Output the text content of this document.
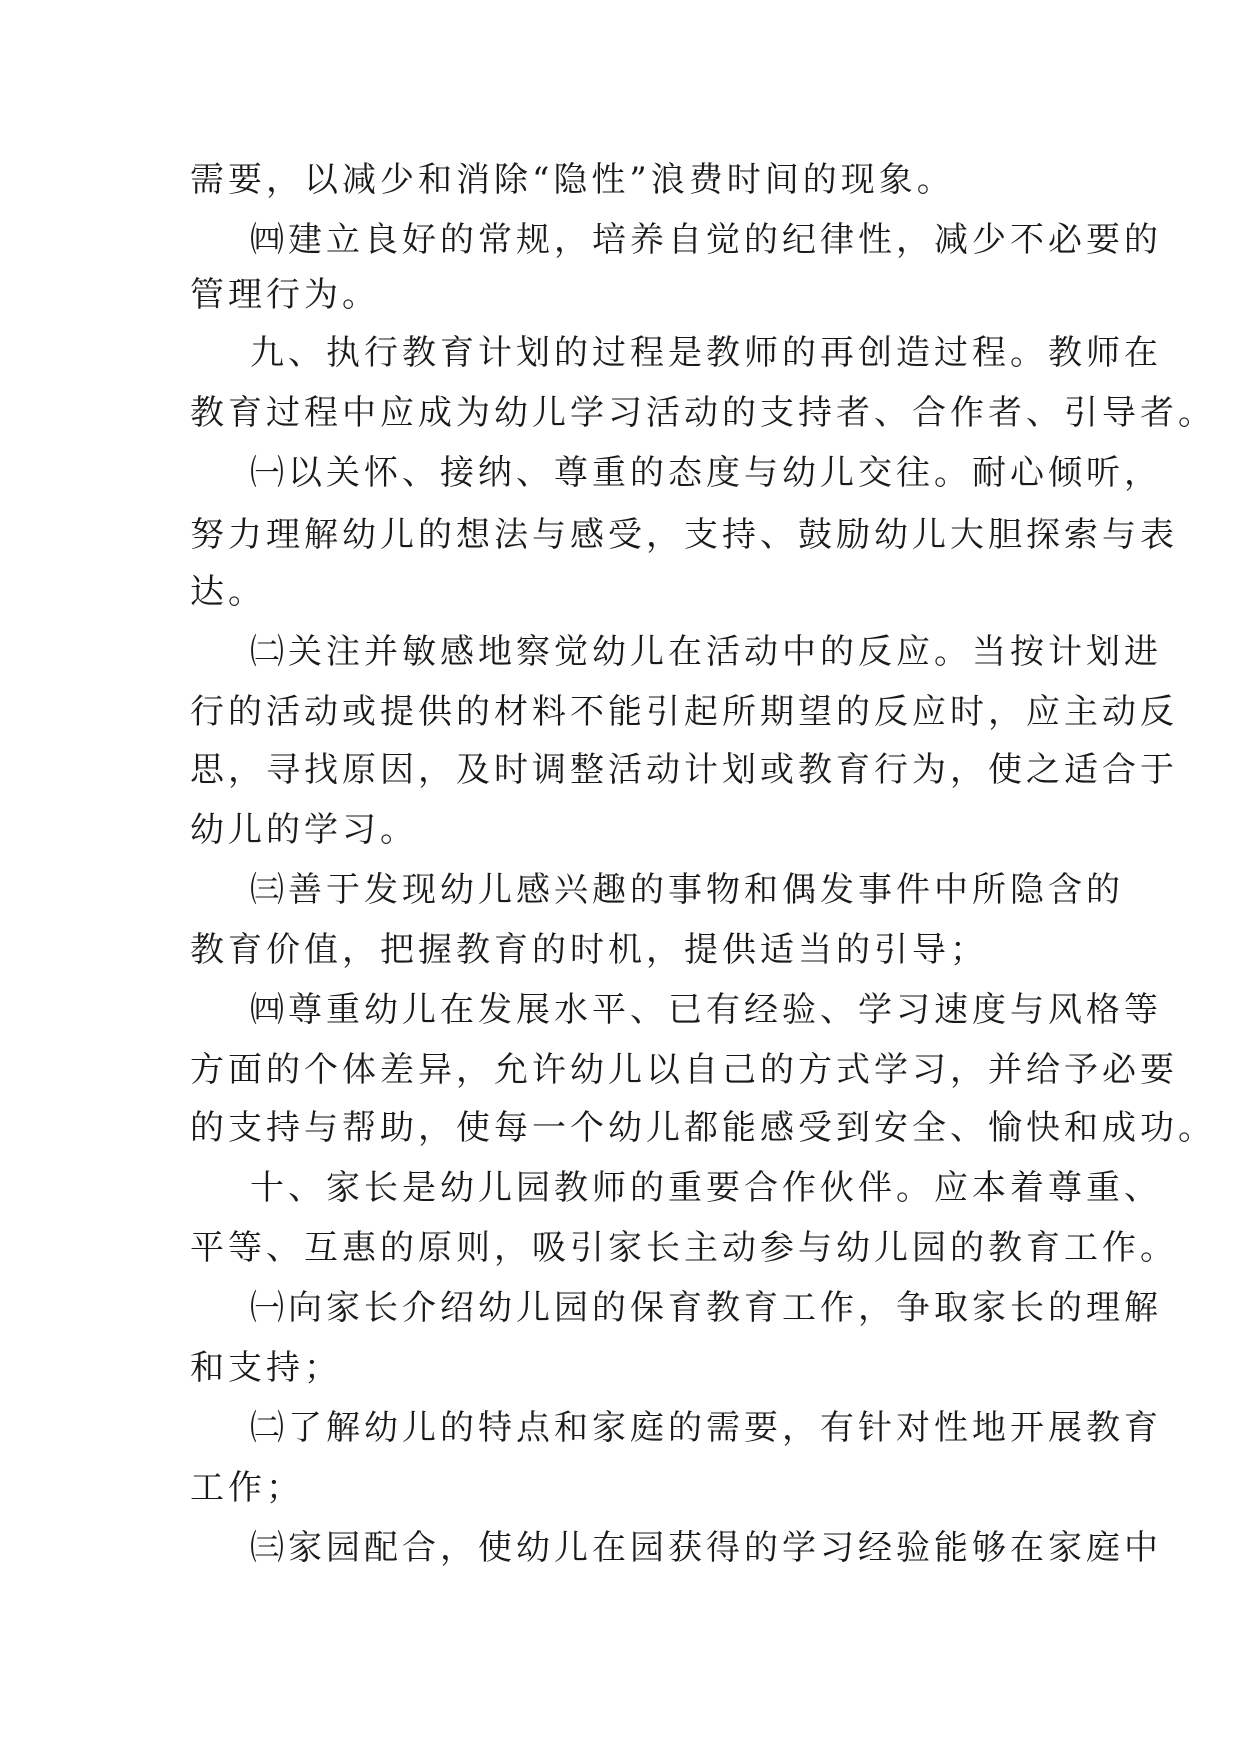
需要，以减少和消除“隐性”浪费时间的现象。
㈣建立良好的常规，培养自觉的纪律性，减少不必要的
管理行为。
九、执行教育计划的过程是教师的再创造过程。教师在
教育过程中应成为幼儿学习活动的支持者、合作者、引导者。
㈠以关怀、接纳、尊重的态度与幼儿交往。耐心倾听，
努力理解幼儿的想法与感受，支持、鼓励幼儿大胆探索与表
达。
㈡关注并敏感地察觉幼儿在活动中的反应。当按计划进
行的活动或提供的材料不能引起所期望的反应时，应主动反
思，寻找原因，及时调整活动计划或教育行为，使之适合于
幼儿的学习。
㈢善于发现幼儿感兴趣的事物和偶发事件中所隐含的
教育价值，把握教育的时机，提供适当的引导；
㈣尊重幼儿在发展水平、已有经验、学习速度与风格等
方面的个体差异，允许幼儿以自己的方式学习，并给予必要
的支持与帮助，使每一个幼儿都能感受到安全、愉快和成功。
十、家长是幼儿园教师的重要合作伙伴。应本着尊重、
平等、互惠的原则，吸引家长主动参与幼儿园的教育工作。
㈠向家长介绍幼儿园的保育教育工作，争取家长的理解
和支持；
㈡了解幼儿的特点和家庭的需要，有针对性地开展教育
工作；
㈢家园配合，使幼儿在园获得的学习经验能够在家庭中
